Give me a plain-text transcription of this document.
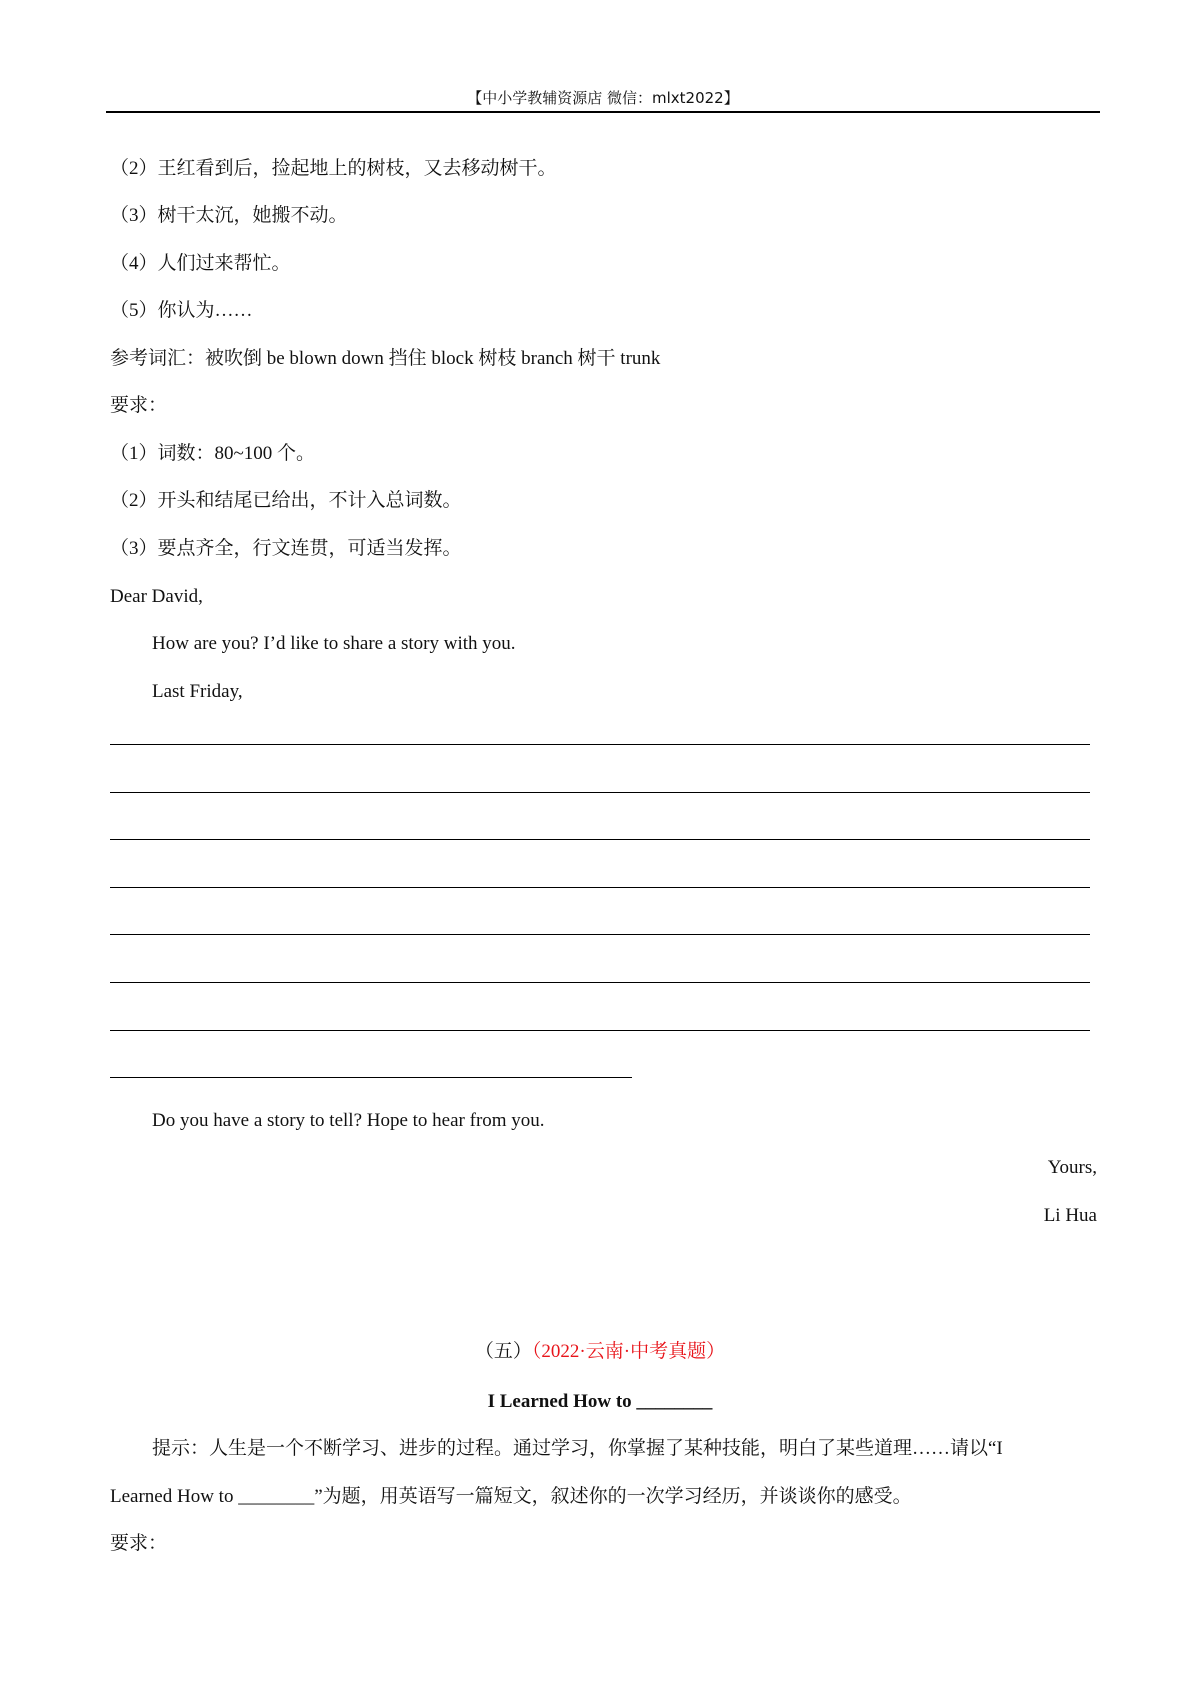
【中小学教辅资源店 微信：mlxt2022】
（2）王红看到后，捡起地上的树枝，又去移动树干。
（3）树干太沉，她搬不动。
（4）人们过来帮忙。
（5）你认为……
参考词汇：被吹倒 be blown down 挡住 block 树枝 branch 树干 trunk
要求：
（1）词数：80~100 个。
（2）开头和结尾已给出，不计入总词数。
（3）要点齐全，行文连贯，可适当发挥。
Dear David,
How are you? I’d like to share a story with you.
Last Friday,
Do you have a story to tell? Hope to hear from you.
Yours,
Li Hua
（五）（2022·云南·中考真题）
I Learned How to ________
提示：人生是一个不断学习、进步的过程。通过学习，你掌握了某种技能，明白了某些道理……请以“I
Learned How to ________”为题，用英语写一篇短文，叙述你的一次学习经历，并谈谈你的感受。
要求：
